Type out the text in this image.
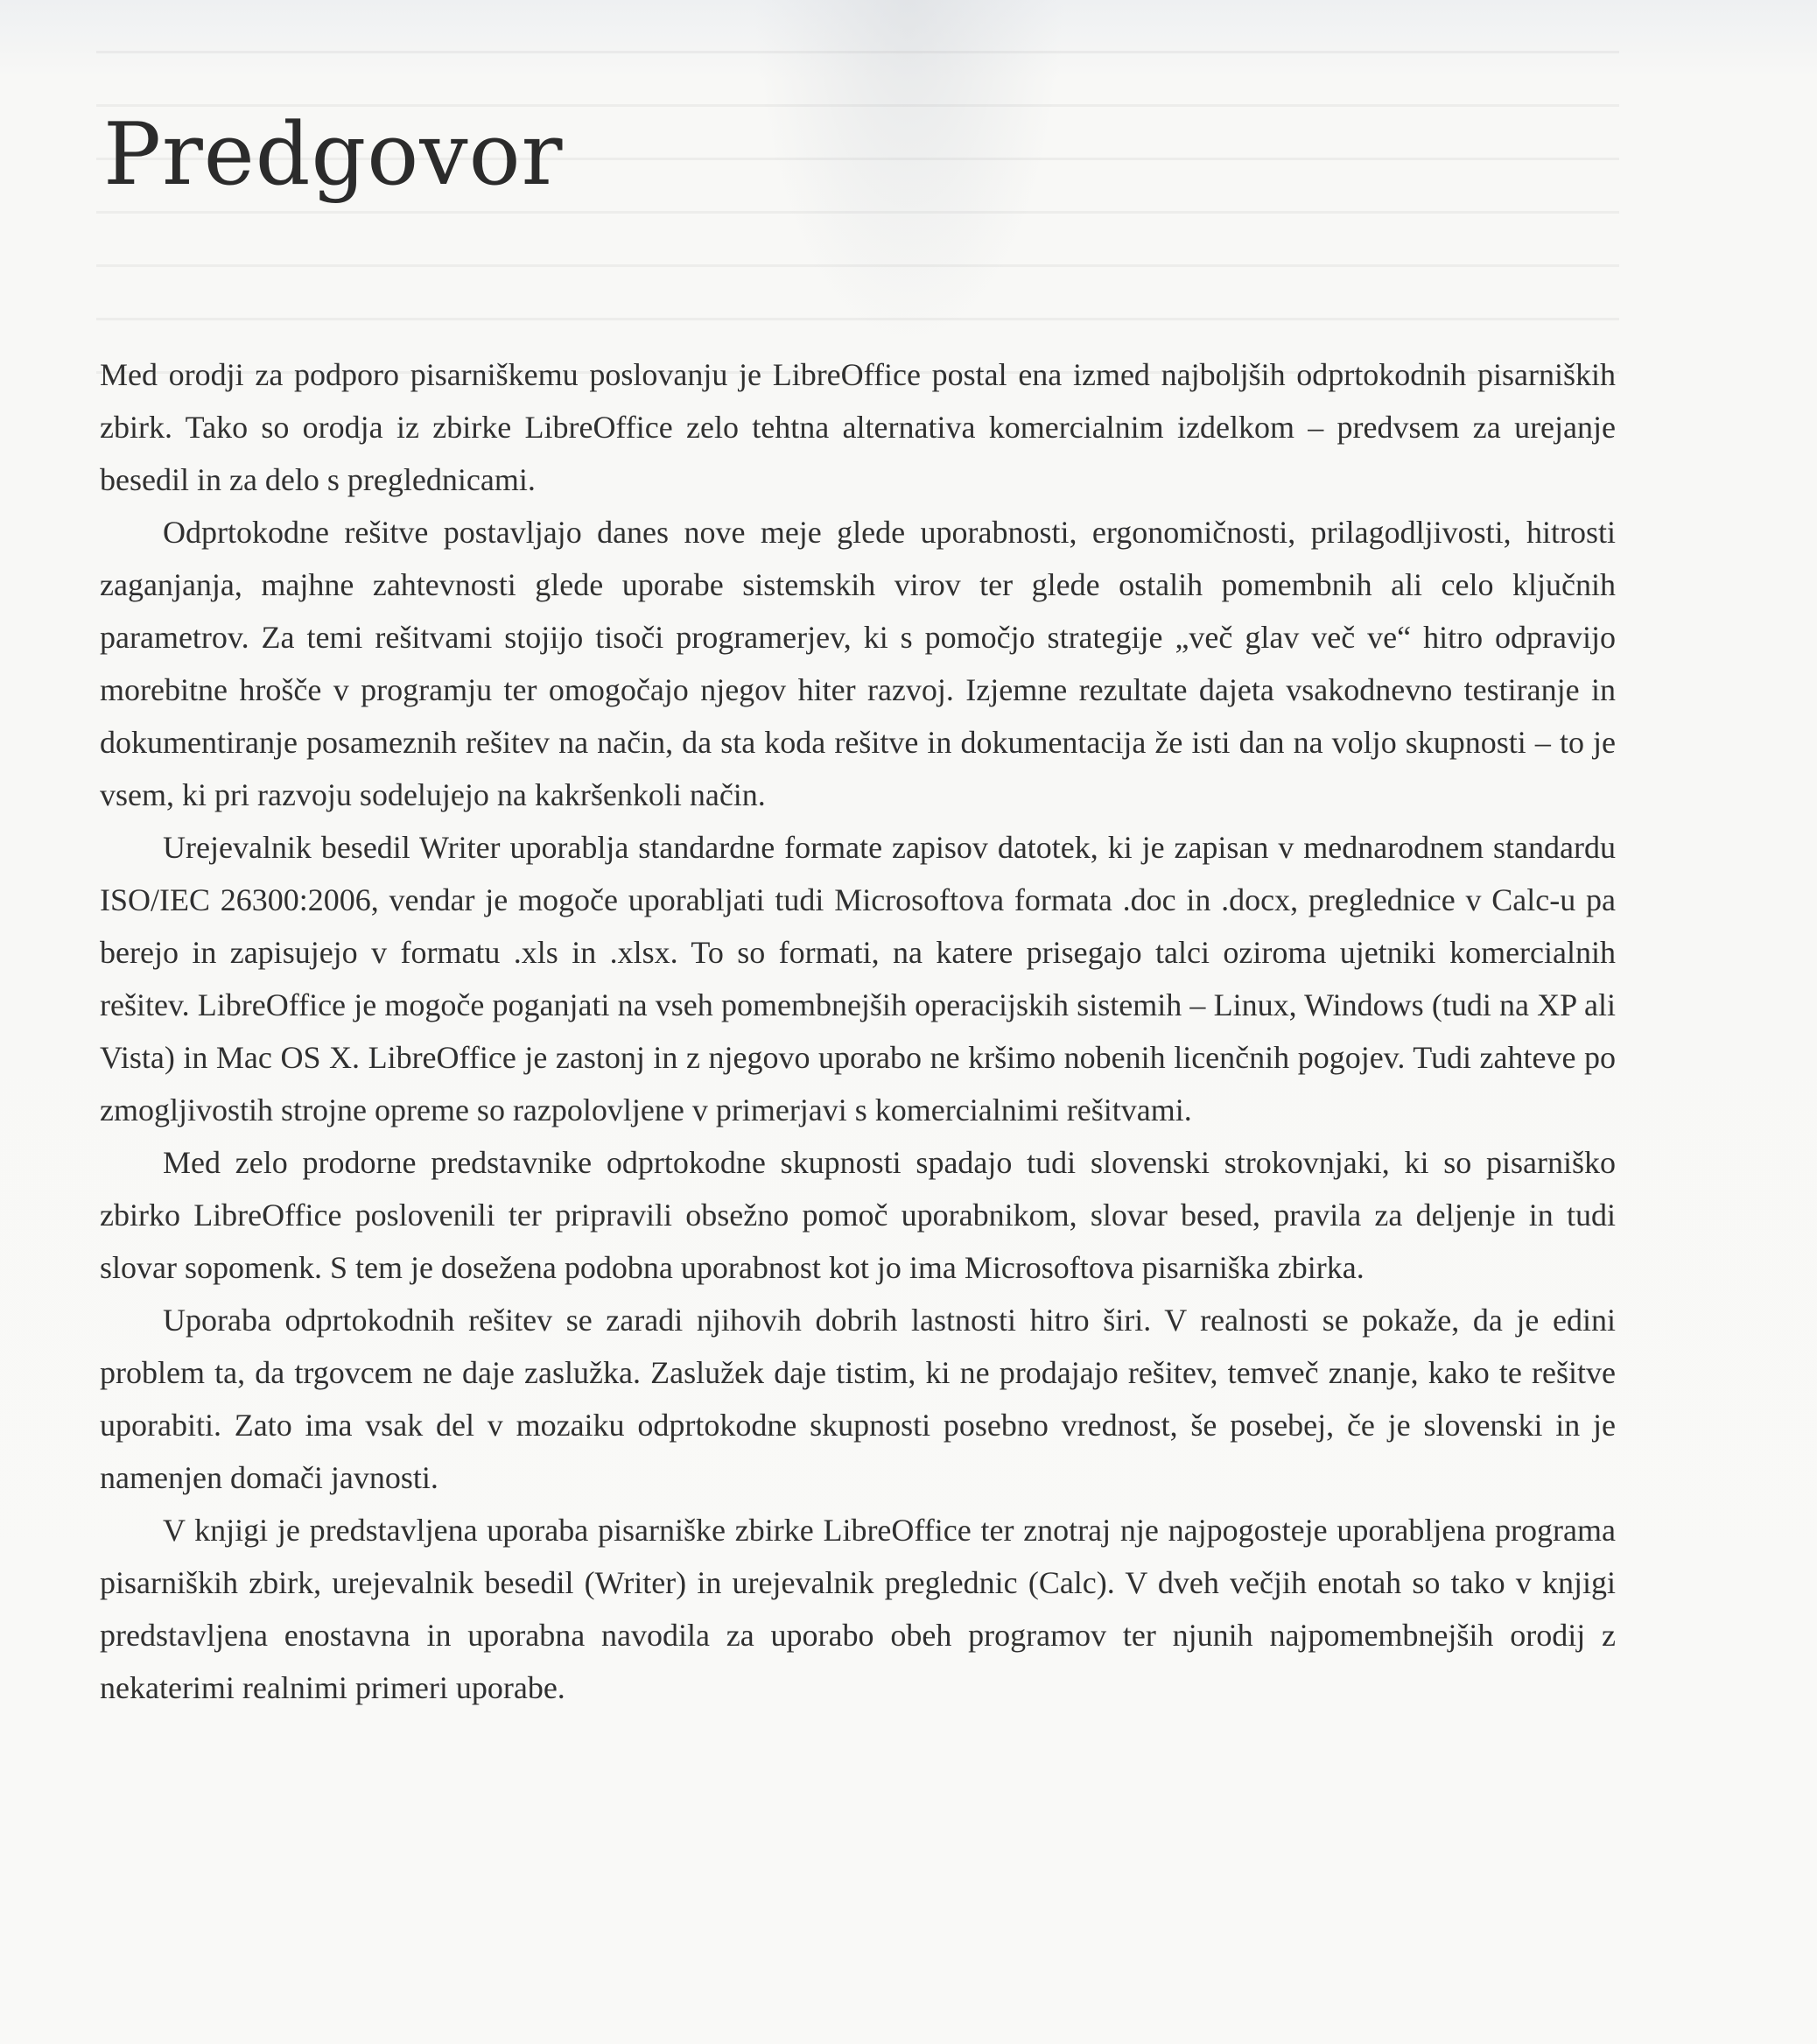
Predgovor

Med orodji za podporo pisarniškemu poslovanju je LibreOffice postal ena izmed najboljših odprtokodnih pisarniških zbirk. Tako so orodja iz zbirke LibreOffice zelo tehtna alternativa komercialnim izdelkom – predvsem za urejanje besedil in za delo s preglednicami.

Odprtokodne rešitve postavljajo danes nove meje glede uporabnosti, ergonomičnosti, prilagodljivosti, hitrosti zaganjanja, majhne zahtevnosti glede uporabe sistemskih virov ter glede ostalih pomembnih ali celo ključnih parametrov. Za temi rešitvami stojijo tisoči programerjev, ki s pomočjo strategije „več glav več ve“ hitro odpravijo morebitne hrošče v programju ter omogočajo njegov hiter razvoj. Izjemne rezultate dajeta vsakodnevno testiranje in dokumentiranje posameznih rešitev na način, da sta koda rešitve in dokumentacija že isti dan na voljo skupnosti – to je vsem, ki pri razvoju sodelujejo na kakršenkoli način.

Urejevalnik besedil Writer uporablja standardne formate zapisov datotek, ki je zapisan v mednarodnem standardu ISO/IEC 26300:2006, vendar je mogoče uporabljati tudi Microsoftova formata .doc in .docx, preglednice v Calc-u pa berejo in zapisujejo v formatu .xls in .xlsx. To so formati, na katere prisegajo talci oziroma ujetniki komercialnih rešitev. LibreOffice je mogoče poganjati na vseh pomembnejših operacijskih sistemih – Linux, Windows (tudi na XP ali Vista) in Mac OS X. LibreOffice je zastonj in z njegovo uporabo ne kršimo nobenih licenčnih pogojev. Tudi zahteve po zmogljivostih strojne opreme so razpolovljene v primerjavi s komercialnimi rešitvami.

Med zelo prodorne predstavnike odprtokodne skupnosti spadajo tudi slovenski strokovnjaki, ki so pisarniško zbirko LibreOffice poslovenili ter pripravili obsežno pomoč uporabnikom, slovar besed, pravila za deljenje in tudi slovar sopomenk. S tem je dosežena podobna uporabnost kot jo ima Microsoftova pisarniška zbirka.

Uporaba odprtokodnih rešitev se zaradi njihovih dobrih lastnosti hitro širi. V realnosti se pokaže, da je edini problem ta, da trgovcem ne daje zaslužka. Zaslužek daje tistim, ki ne prodajajo rešitev, temveč znanje, kako te rešitve uporabiti. Zato ima vsak del v mozaiku odprtokodne skupnosti posebno vrednost, še posebej, če je slovenski in je namenjen domači javnosti.

V knjigi je predstavljena uporaba pisarniške zbirke LibreOffice ter znotraj nje najpogosteje uporabljena programa pisarniških zbirk, urejevalnik besedil (Writer) in urejevalnik preglednic (Calc). V dveh večjih enotah so tako v knjigi predstavljena enostavna in uporabna navodila za uporabo obeh programov ter njunih najpomembnejših orodij z nekaterimi realnimi primeri uporabe.
